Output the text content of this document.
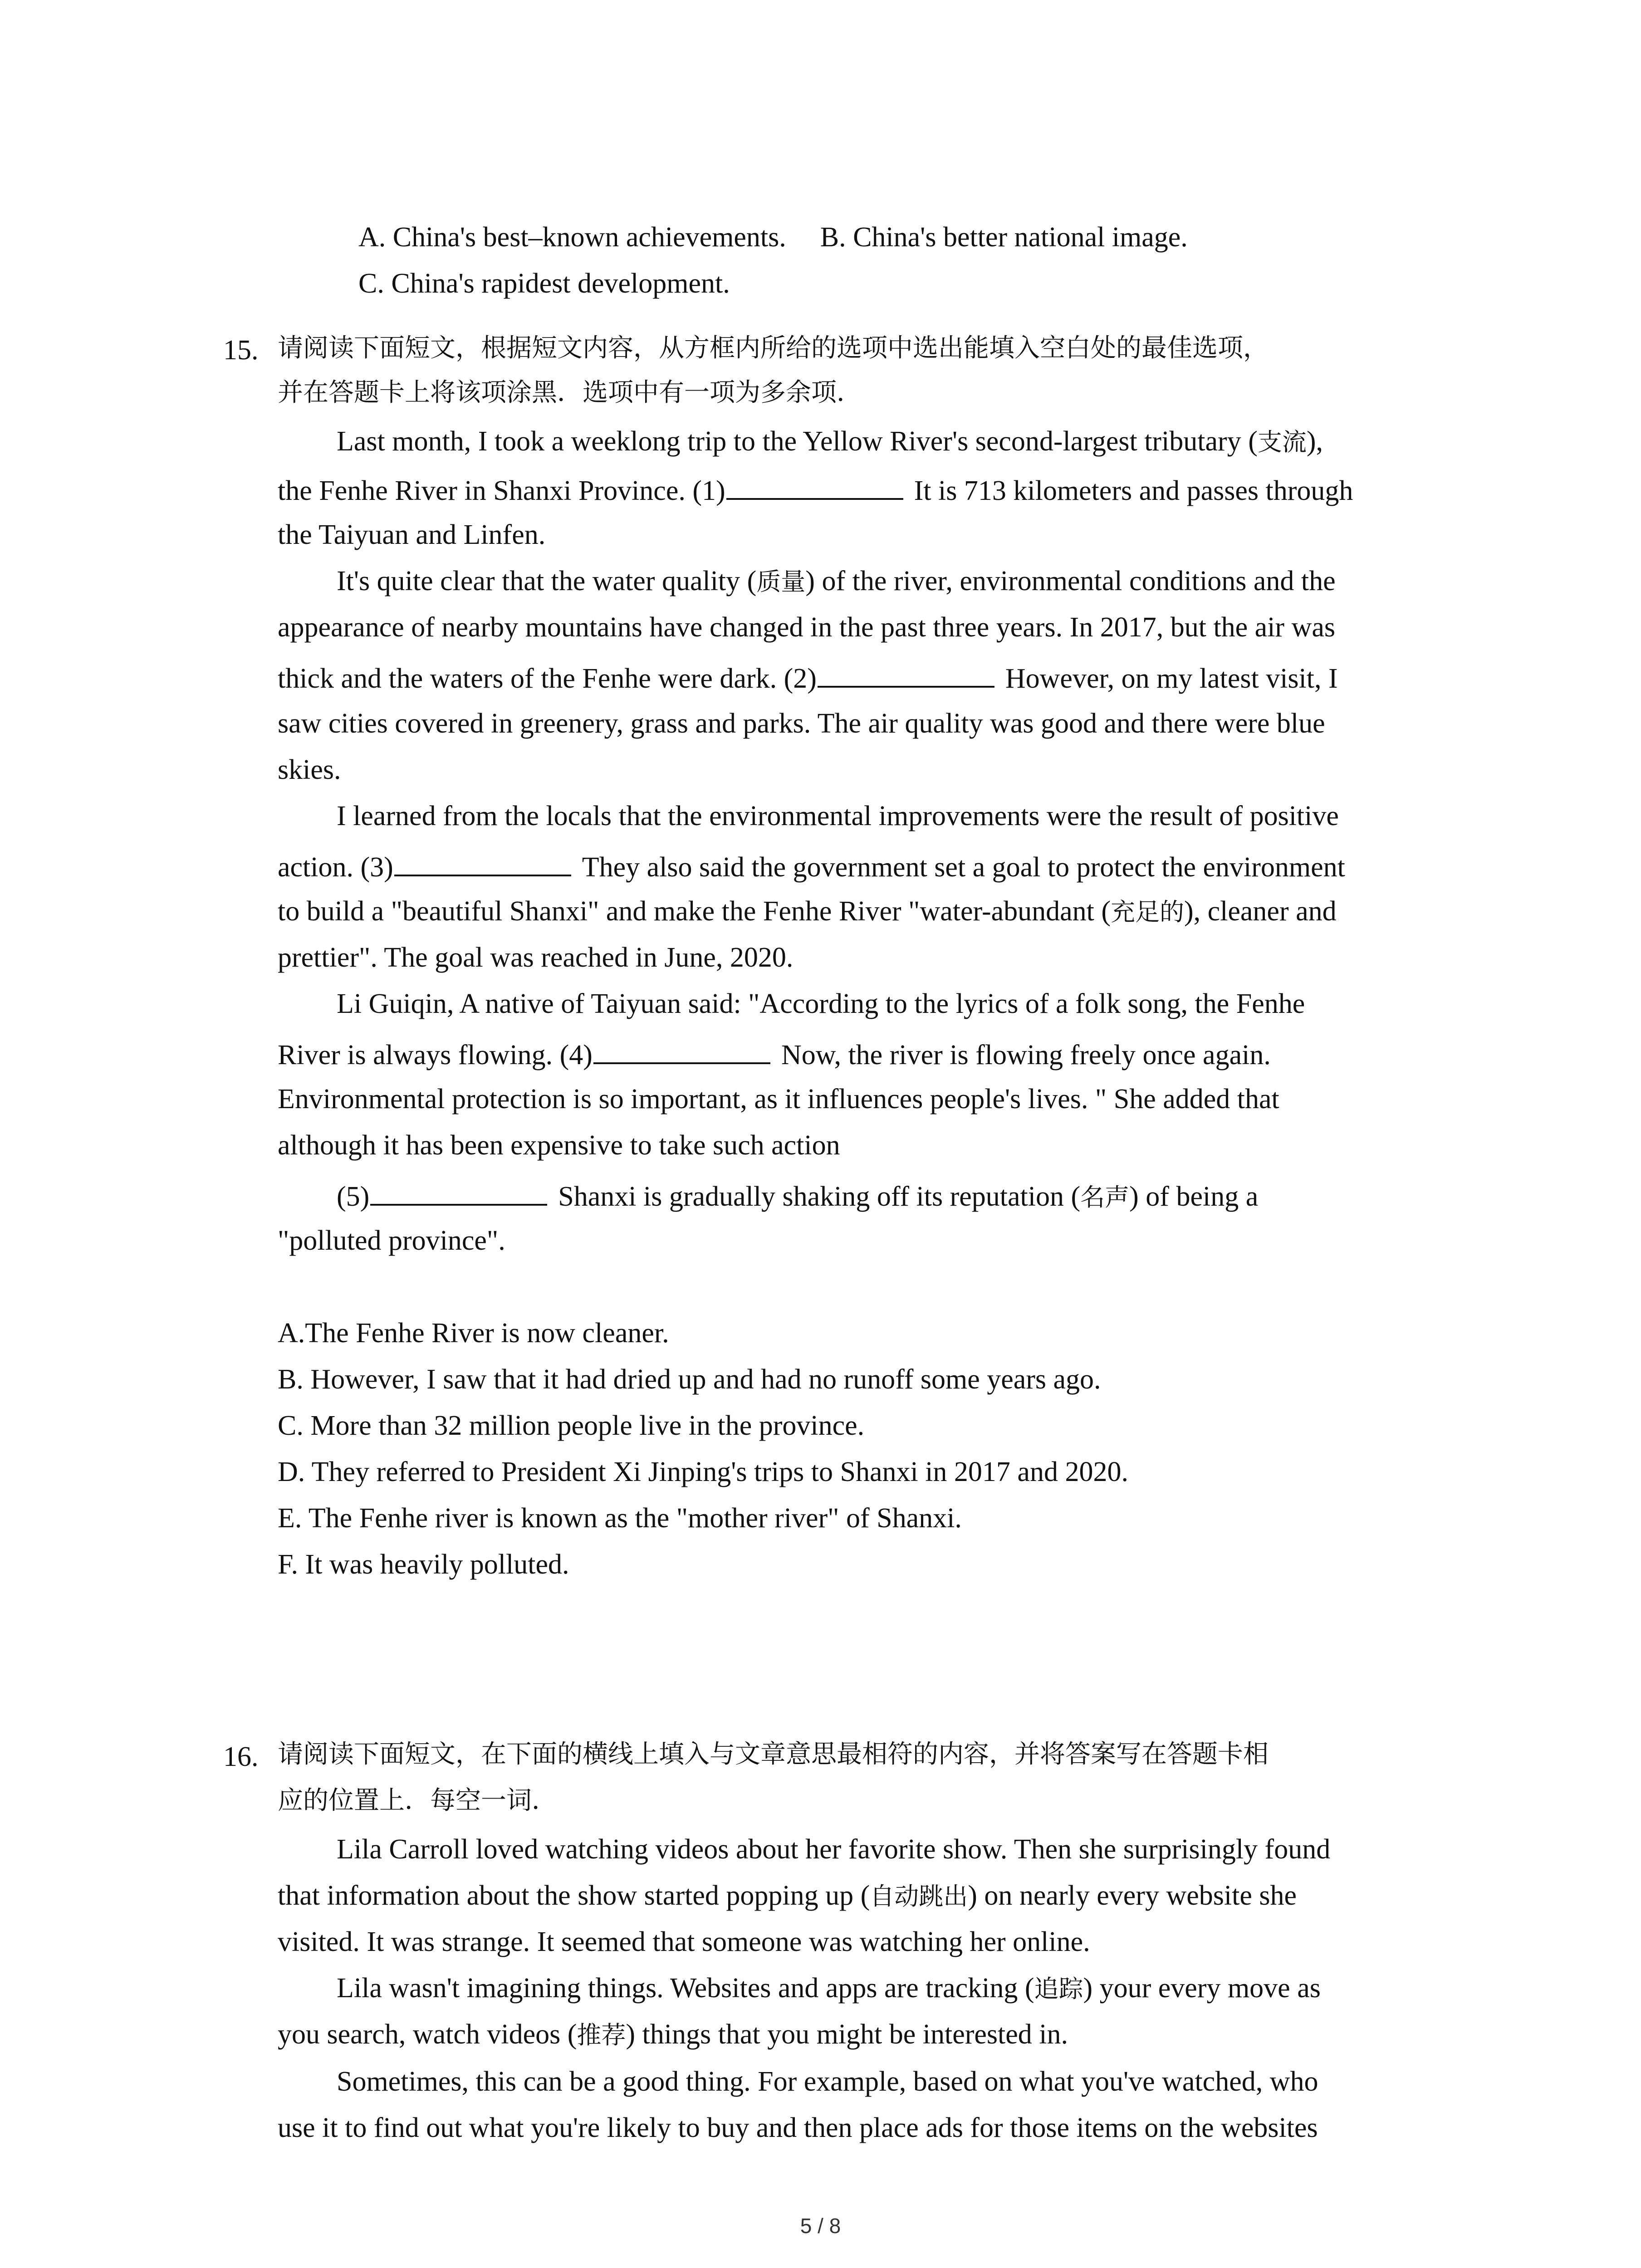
A. China's best–known achievements. B. China's better national image.
C. China's rapidest development.
15. 请阅读下面短文，根据短文内容，从方框内所给的选项中选出能填入空白处的最佳选项，
并在答题卡上将该项涂黑．选项中有一项为多余项．
Last month, I took a weeklong trip to the Yellow River's second-largest tributary (支流),
the Fenhe River in Shanxi Province. (1)	It is 713 kilometers and passes through
the Taiyuan and Linfen.
It's quite clear that the water quality (质量) of the river, environmental conditions and the
appearance of nearby mountains have changed in the past three years. In 2017, but the air was
thick and the waters of the Fenhe were dark. (2)	However, on my latest visit, I
saw cities covered in greenery, grass and parks. The air quality was good and there were blue
skies.
I learned from the locals that the environmental improvements were the result of positive
action. (3)	They also said the government set a goal to protect the environment
to build a "beautiful Shanxi" and make the Fenhe River "water-abundant (充足的), cleaner and
prettier". The goal was reached in June, 2020.
Li Guiqin, A native of Taiyuan said: "According to the lyrics of a folk song, the Fenhe
River is always flowing. (4)	Now, the river is flowing freely once again.
Environmental protection is so important, as it influences people's lives. " She added that
although it has been expensive to take such action
(5)	Shanxi is gradually shaking off its reputation (名声) of being a
"polluted province".
A.The Fenhe River is now cleaner.
B. However, I saw that it had dried up and had no runoff some years ago.
C. More than 32 million people live in the province.
D. They referred to President Xi Jinping's trips to Shanxi in 2017 and 2020.
E. The Fenhe river is known as the "mother river" of Shanxi.
F. It was heavily polluted.
16. 请阅读下面短文，在下面的横线上填入与文章意思最相符的内容，并将答案写在答题卡相
应的位置上．每空一词．
Lila Carroll loved watching videos about her favorite show. Then she surprisingly found
that information about the show started popping up (自动跳出) on nearly every website she
visited. It was strange. It seemed that someone was watching her online.
Lila wasn't imagining things. Websites and apps are tracking (追踪) your every move as
you search, watch videos (推荐) things that you might be interested in.
Sometimes, this can be a good thing. For example, based on what you've watched, who
use it to find out what you're likely to buy and then place ads for those items on the websites
5 / 8
